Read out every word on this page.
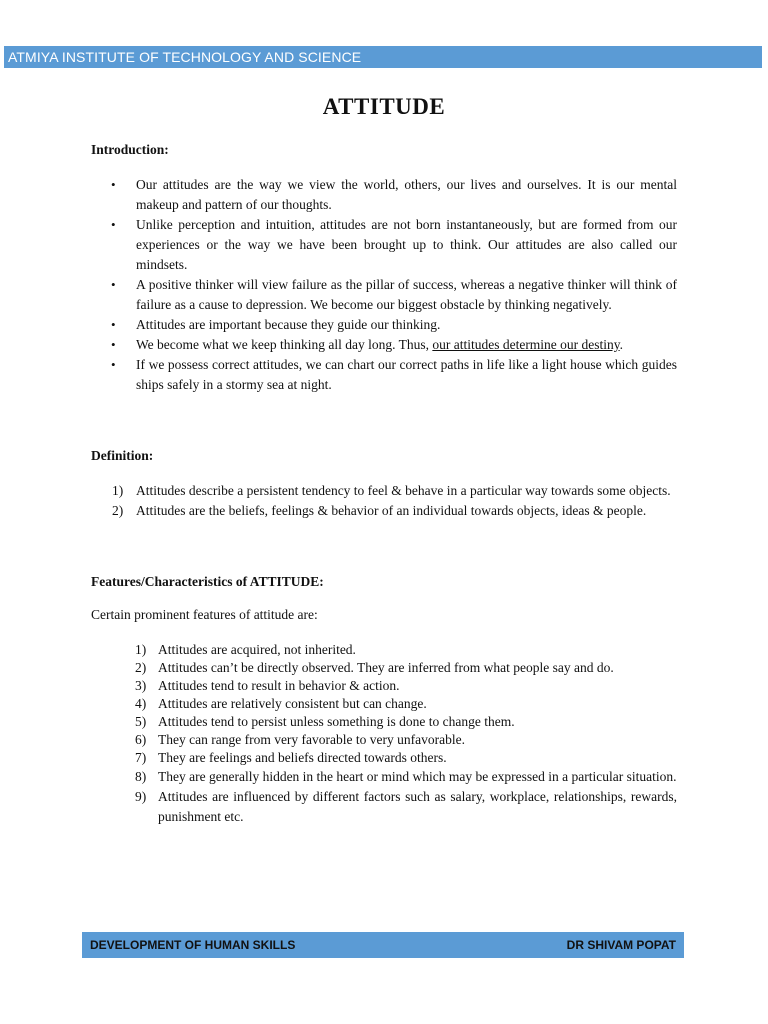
ATMIYA INSTITUTE OF TECHNOLOGY AND SCIENCE
ATTITUDE
Introduction:
• Our attitudes are the way we view the world, others, our lives and ourselves. It is our mental makeup and pattern of our thoughts.
• Unlike perception and intuition, attitudes are not born instantaneously, but are formed from our experiences or the way we have been brought up to think. Our attitudes are also called our mindsets.
• A positive thinker will view failure as the pillar of success, whereas a negative thinker will think of failure as a cause to depression. We become our biggest obstacle by thinking negatively.
• Attitudes are important because they guide our thinking.
• We become what we keep thinking all day long. Thus, our attitudes determine our destiny.
• If we possess correct attitudes, we can chart our correct paths in life like a light house which guides ships safely in a stormy sea at night.
Definition:
1) Attitudes describe a persistent tendency to feel & behave in a particular way towards some objects.
2) Attitudes are the beliefs, feelings & behavior of an individual towards objects, ideas & people.
Features/Characteristics of ATTITUDE:
Certain prominent features of attitude are:
1) Attitudes are acquired, not inherited.
2) Attitudes can’t be directly observed. They are inferred from what people say and do.
3) Attitudes tend to result in behavior & action.
4) Attitudes are relatively consistent but can change.
5) Attitudes tend to persist unless something is done to change them.
6) They can range from very favorable to very unfavorable.
7) They are feelings and beliefs directed towards others.
8) They are generally hidden in the heart or mind which may be expressed in a particular situation.
9) Attitudes are influenced by different factors such as salary, workplace, relationships, rewards, punishment etc.
DEVELOPMENT OF HUMAN SKILLS	DR SHIVAM POPAT
